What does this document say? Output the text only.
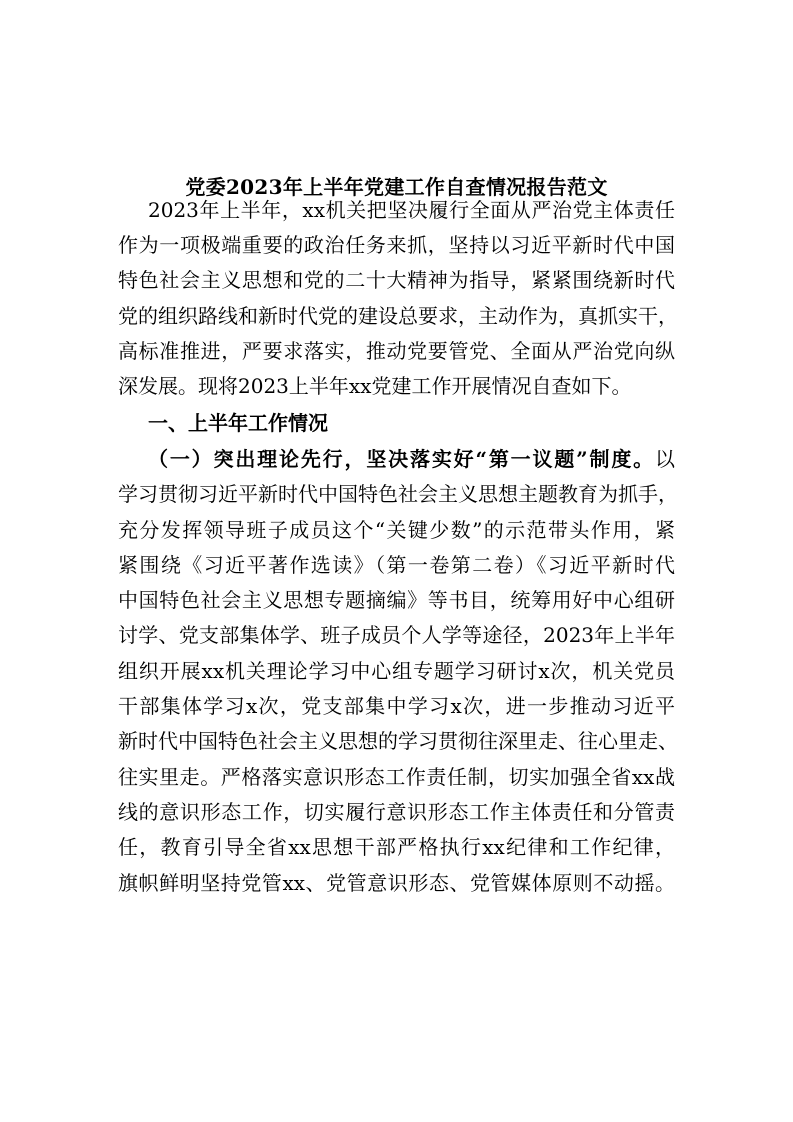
党委2023年上半年党建工作自查情况报告范文
2023年上半年，xx机关把坚决履行全面从严治党主体责任
作为一项极端重要的政治任务来抓，坚持以习近平新时代中国
特色社会主义思想和党的二十大精神为指导，紧紧围绕新时代
党的组织路线和新时代党的建设总要求，主动作为，真抓实干，
高标准推进，严要求落实，推动党要管党、全面从严治党向纵
深发展。现将2023上半年xx党建工作开展情况自查如下。
一、上半年工作情况
（一）突出理论先行，坚决落实好“第一议题”制度。以
学习贯彻习近平新时代中国特色社会主义思想主题教育为抓手，
充分发挥领导班子成员这个“关键少数”的示范带头作用，紧
紧围绕《习近平著作选读》（第一卷第二卷）《习近平新时代
中国特色社会主义思想专题摘编》等书目，统筹用好中心组研
讨学、党支部集体学、班子成员个人学等途径，2023年上半年
组织开展xx机关理论学习中心组专题学习研讨x次，机关党员
干部集体学习x次，党支部集中学习x次，进一步推动习近平
新时代中国特色社会主义思想的学习贯彻往深里走、往心里走、
往实里走。严格落实意识形态工作责任制，切实加强全省xx战
线的意识形态工作，切实履行意识形态工作主体责任和分管责
任，教育引导全省xx思想干部严格执行xx纪律和工作纪律，
旗帜鲜明坚持党管xx、党管意识形态、党管媒体原则不动摇。
